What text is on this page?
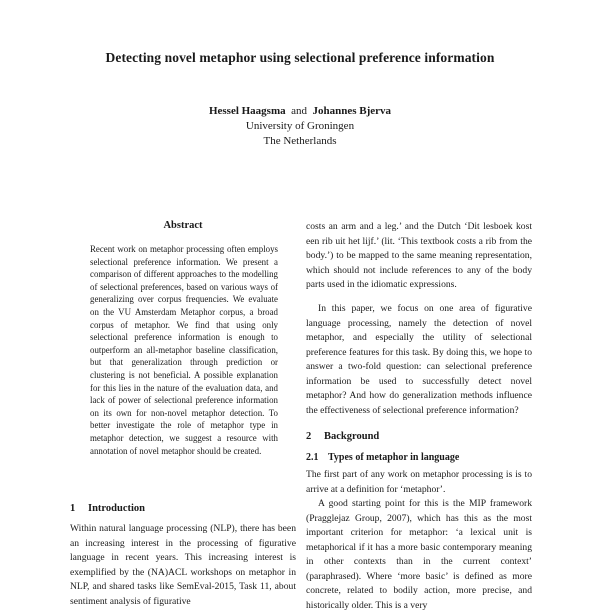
Detecting novel metaphor using selectional preference information
Hessel Haagsma and Johannes Bjerva
University of Groningen
The Netherlands
Abstract
Recent work on metaphor processing often employs selectional preference information. We present a comparison of different approaches to the modelling of selectional preferences, based on various ways of generalizing over corpus frequencies. We evaluate on the VU Amsterdam Metaphor corpus, a broad corpus of metaphor. We find that using only selectional preference information is enough to outperform an all-metaphor baseline classification, but that generalization through prediction or clustering is not beneficial. A possible explanation for this lies in the nature of the evaluation data, and lack of power of selectional preference information on its own for non-novel metaphor detection. To better investigate the role of metaphor type in metaphor detection, we suggest a resource with annotation of novel metaphor should be created.
1 Introduction
Within natural language processing (NLP), there has been an increasing interest in the processing of figurative language in recent years. This increasing interest is exemplified by the (NA)ACL workshops on metaphor in NLP, and shared tasks like SemEval-2015, Task 11, about sentiment analysis of figurative
costs an arm and a leg.’ and the Dutch ‘Dit lesboek kost een rib uit het lijf.’ (lit. ‘This textbook costs a rib from the body.’) to be mapped to the same meaning representation, which should not include references to any of the body parts used in the idiomatic expressions.
In this paper, we focus on one area of figurative language processing, namely the detection of novel metaphor, and especially the utility of selectional preference features for this task. By doing this, we hope to answer a two-fold question: can selectional preference information be used to successfully detect novel metaphor? And how do generalization methods influence the effectiveness of selectional preference information?
2 Background
2.1 Types of metaphor in language
The first part of any work on metaphor processing is is to arrive at a definition for ‘metaphor’.
A good starting point for this is the MIP framework (Pragglejaz Group, 2007), which has this as the most important criterion for metaphor: ‘a lexical unit is metaphorical if it has a more basic contemporary meaning in other contexts than in the current context’ (paraphrased). Where ‘more basic’ is defined as more concrete, related to bodily action, more precise, and historically older. This is a very
